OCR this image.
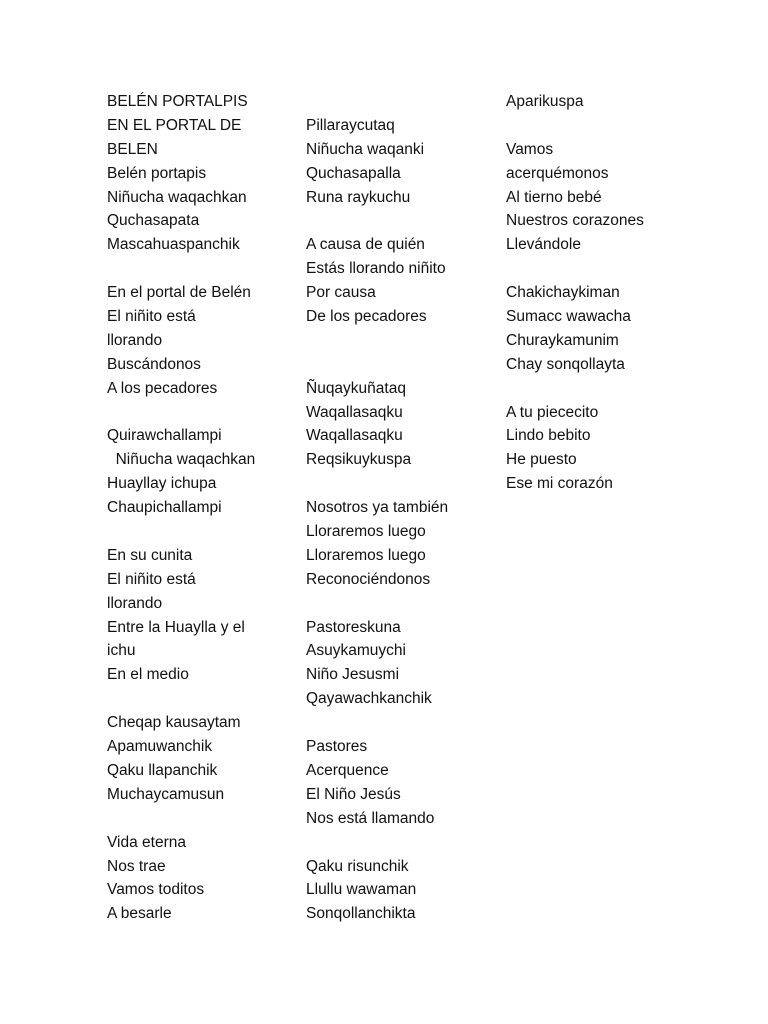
BELÉN PORTALPIS
EN EL PORTAL DE
BELEN
Belén portapis
Niñucha waqachkan
Quchasapata
Mascahuaspanchik
En el portal de Belén
El niñito está
llorando
Buscándonos
A los pecadores
Quirawchallampi
Niñucha waqachkan
Huayllay ichupa
Chaupichallampi
En su cunita
El niñito está
llorando
Entre la Huaylla y el
ichu
En el medio
Cheqap kausaytam
Apamuwanchik
Qaku llapanchik
Muchaycamusun
Vida eterna
Nos trae
Vamos toditos
A besarle
Pillaraycutaq
Niñucha waqanki
Quchasapalla
Runa raykuchu
A causa de quién
Estás llorando niñito
Por causa
De los pecadores
Ñuqaykuñataq
Waqallasaqku
Waqallasaqku
Reqsikuykuspa
Nosotros ya también
Lloraremos luego
Lloraremos luego
Reconociéndonos
Pastoreskuna
Asuykamuychi
Niño Jesusmi
Qayawachkanchik
Pastores
Acerquence
El Niño Jesús
Nos está llamando
Qaku risunchik
Llullu wawaman
Sonqollanchikta
Aparikuspa
Vamos
acerquémonos
Al tierno bebé
Nuestros corazones
Llevándole
Chakichaykiman
Sumacc wawacha
Churaykamunim
Chay sonqollayta
A tu piececito
Lindo bebito
He puesto
Ese mi corazón
